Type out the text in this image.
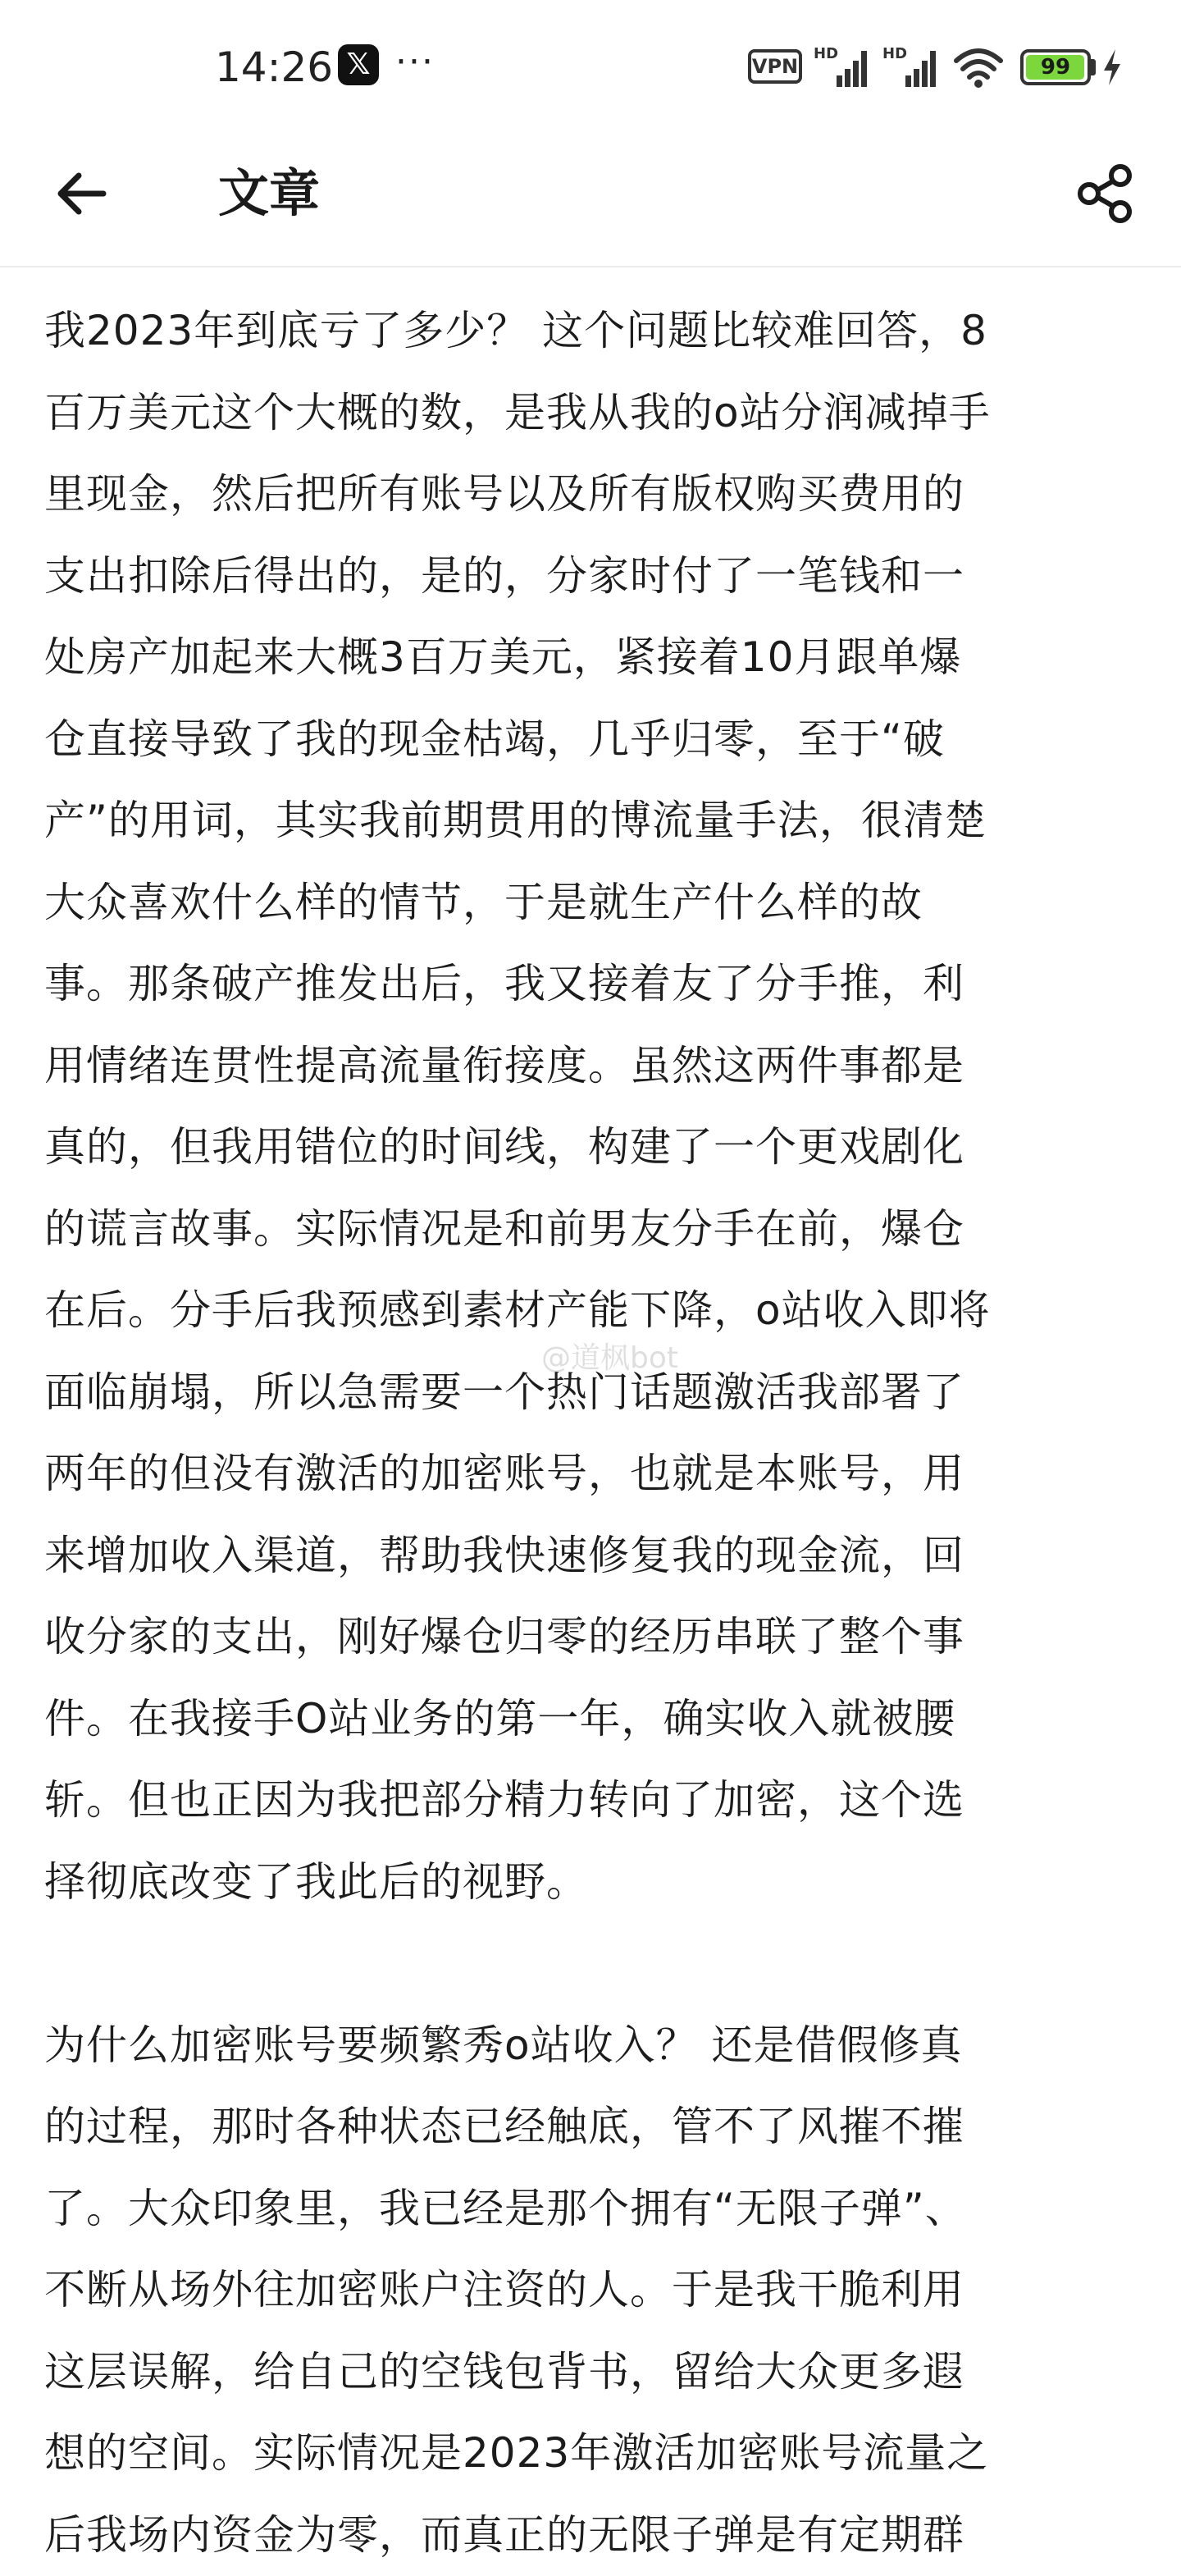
14:26 𝕏 ···	VPN
HD	HD
99
文章

我2023年到底亏了多少？ 这个问题比较难回答，8
百万美元这个大概的数，是我从我的o站分润减掉手
里现金，然后把所有账号以及所有版权购买费用的
支出扣除后得出的，是的，分家时付了一笔钱和一
处房产加起来大概3百万美元，紧接着10月跟单爆
仓直接导致了我的现金枯竭，几乎归零，至于“破
产”的用词，其实我前期贯用的博流量手法，很清楚
大众喜欢什么样的情节，于是就生产什么样的故
事。那条破产推发出后，我又接着友了分手推，利
用情绪连贯性提高流量衔接度。虽然这两件事都是
真的，但我用错位的时间线，构建了一个更戏剧化
的谎言故事。实际情况是和前男友分手在前，爆仓
在后。分手后我预感到素材产能下降，o站收入即将
面临崩塌，所以急需要一个热门话题激活我部署了
两年的但没有激活的加密账号，也就是本账号，用
来增加收入渠道，帮助我快速修复我的现金流，回
收分家的支出，刚好爆仓归零的经历串联了整个事
件。在我接手O站业务的第一年，确实收入就被腰
斩。但也正因为我把部分精力转向了加密，这个选
择彻底改变了我此后的视野。

为什么加密账号要频繁秀o站收入？ 还是借假修真
的过程，那时各种状态已经触底，管不了风摧不摧
了。大众印象里，我已经是那个拥有“无限子弹”、
不断从场外往加密账户注资的人。于是我干脆利用
这层误解，给自己的空钱包背书，留给大众更多遐
想的空间。实际情况是2023年激活加密账号流量之
后我场内资金为零，而真正的无限子弹是有定期群

@道枫bot
